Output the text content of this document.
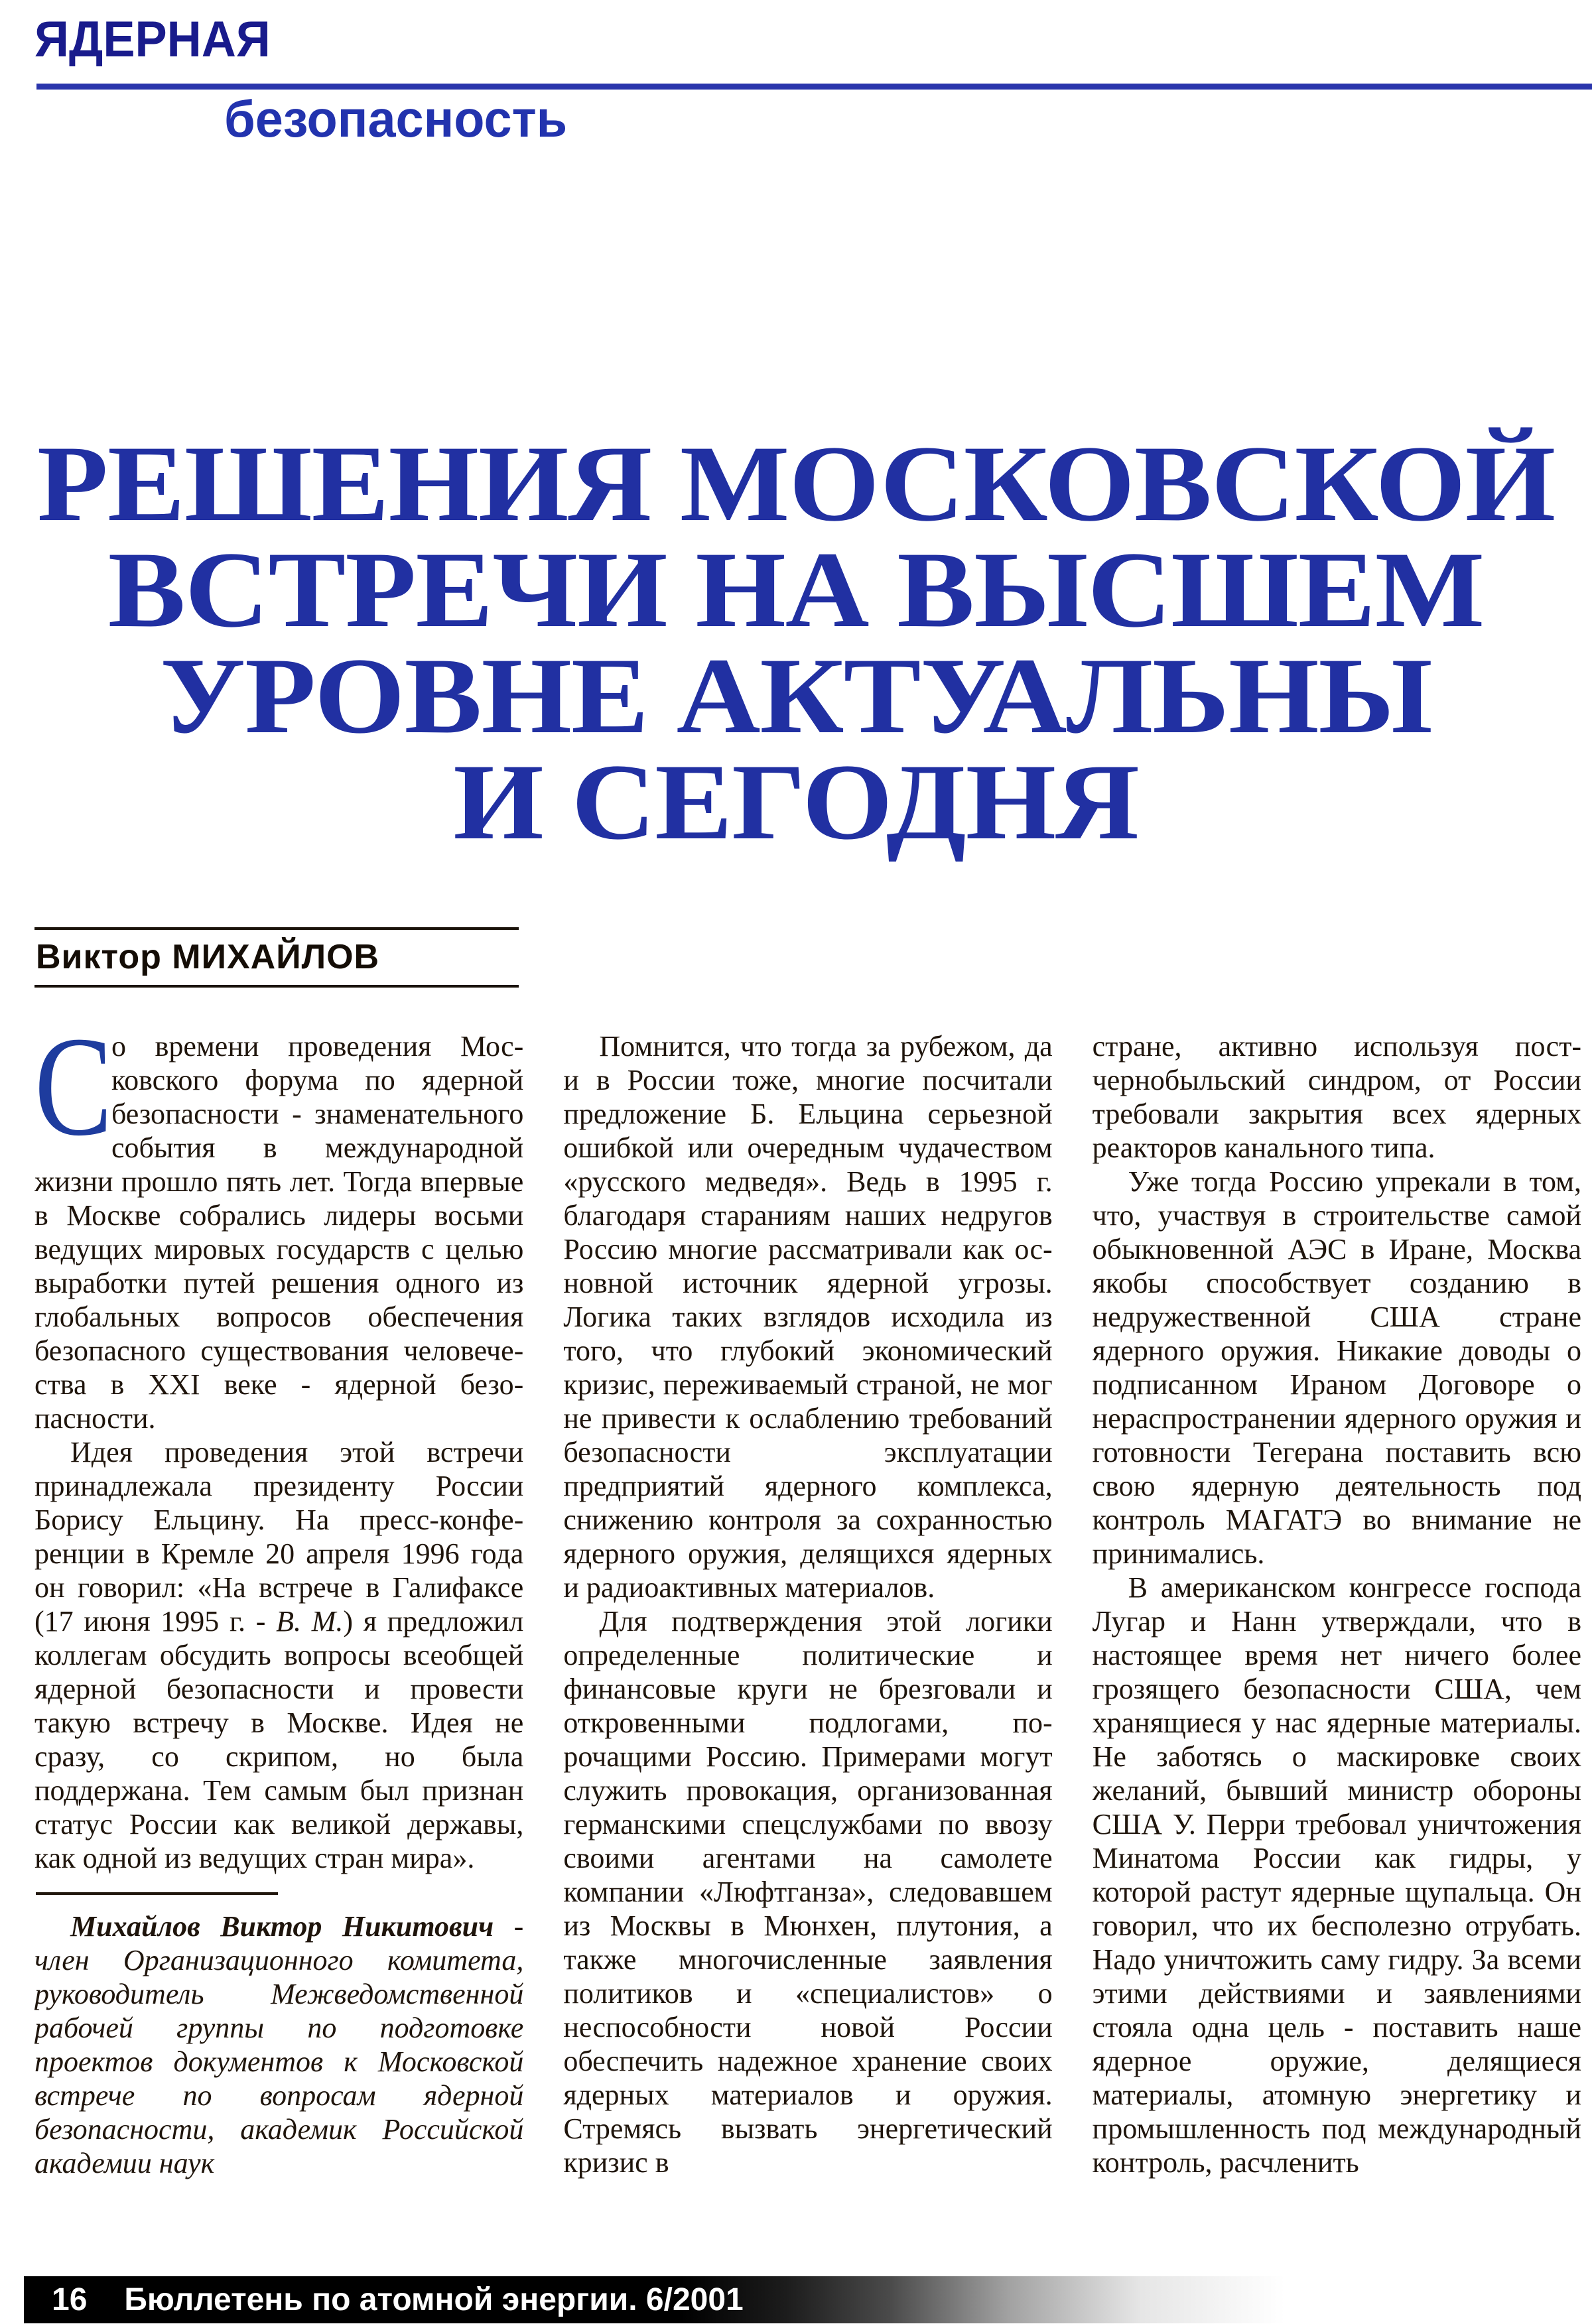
ЯДЕРНАЯ
безопасность
РЕШЕНИЯ МОСКОВСКОЙ
ВСТРЕЧИ НА ВЫСШЕМ
УРОВНЕ АКТУАЛЬНЫ
И СЕГОДНЯ
Виктор МИХАЙЛОВ

С
о времени проведения Московского форума по ядерной безопасности - знаменательного события в международной жизни прошло пять лет. Тогда впервые в Москве собрались лидеры восьми ведущих мировых государств с целью выработки путей решения одного из глобальных вопросов обеспечения безопасного существования человечества в XXI веке - ядерной безопасности.

Идея проведения этой встречи принадлежала президенту России Борису Ельцину. На пресс-конференции в Кремле 20 апреля 1996 года он говорил: «На встрече в Галифаксе (17 июня 1995 г. - В. М.) я предложил коллегам обсудить вопросы всеобщей ядерной безопасности и провести такую встречу в Москве. Идея не сразу, со скрипом, но была поддержана. Тем самым был признан статус России как великой державы, как одной из ведущих стран мира».

Михайлов Виктор Никитович - член Организационного комитета, руководитель Межведомственной рабочей группы по подготовке проектов документов к Московской встрече по вопросам ядерной безопасности, академик Российской академии наук

Помнится, что тогда за рубежом, да и в России тоже, многие посчитали предложение Б. Ельцина серьезной ошибкой или очередным чудачеством «русского медведя». Ведь в 1995 г. благодаря стараниям наших недругов Россию многие рассматривали как основной источник ядерной угрозы. Логика таких взглядов исходила из того, что глубокий экономический кризис, переживаемый страной, не мог не привести к ослаблению требований безопасности эксплуатации предприятий ядерного комплекса, снижению контроля за сохранностью ядерного оружия, делящихся ядерных и радиоактивных материалов.

Для подтверждения этой логики определенные политические и финансовые круги не брезговали и откровенными подлогами, порочащими Россию. Примерами могут служить провокация, организованная германскими спецслужбами по ввозу своими агентами на самолете компании «Люфтганза», следовавшем из Москвы в Мюнхен, плутония, а также многочисленные заявления политиков и «специалистов» о неспособности новой России обеспечить надежное хранение своих ядерных материалов и оружия. Стремясь вызвать энергетический кризис в

стране, активно используя постчернобыльский синдром, от России требовали закрытия всех ядерных реакторов канального типа.

Уже тогда Россию упрекали в том, что, участвуя в строительстве самой обыкновенной АЭС в Иране, Москва якобы способствует созданию в недружественной США стране ядерного оружия. Никакие доводы о подписанном Ираном Договоре о нераспространении ядерного оружия и готовности Тегерана поставить всю свою ядерную деятельность под контроль МАГАТЭ во внимание не принимались.

В американском конгрессе господа Лугар и Нанн утверждали, что в настоящее время нет ничего более грозящего безопасности США, чем хранящиеся у нас ядерные материалы. Не заботясь о маскировке своих желаний, бывший министр обороны США У. Перри требовал уничтожения Минатома России как гидры, у которой растут ядерные щупальца. Он говорил, что их бесполезно отрубать. Надо уничтожить саму гидру. За всеми этими действиями и заявлениями стояла одна цель - поставить наше ядерное оружие, делящиеся материалы, атомную энергетику и промышленность под международный контроль, расчленить

16 Бюллетень по атомной энергии. 6/2001
